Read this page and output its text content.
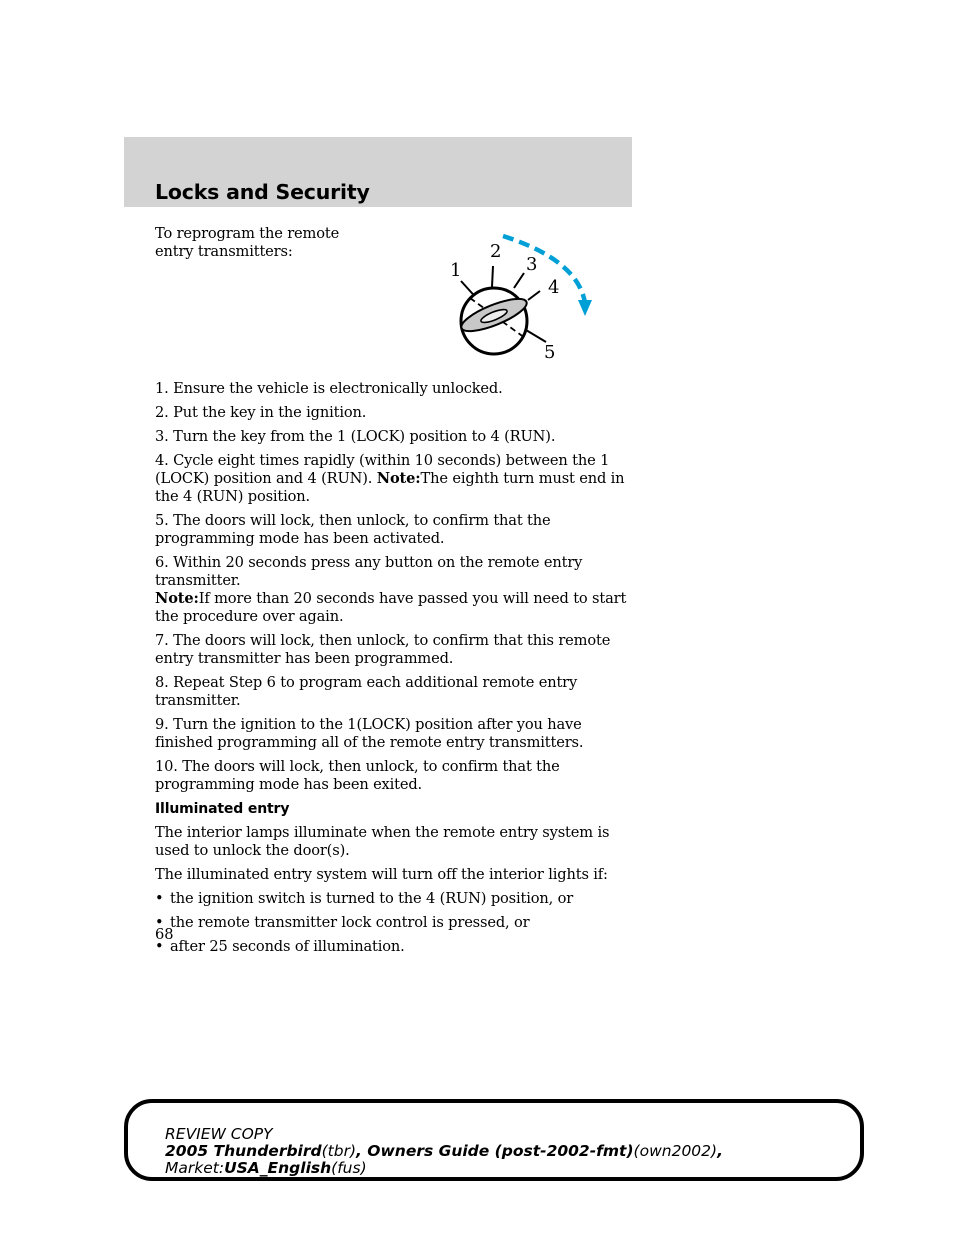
Locks and Security

To reprogram the remote entry transmitters:

1
2
3
4
5

1. Ensure the vehicle is electronically unlocked.

2. Put the key in the ignition.

3. Turn the key from the 1 (LOCK) position to 4 (RUN).

4. Cycle eight times rapidly (within 10 seconds) between the 1 (LOCK) position and 4 (RUN). Note:The eighth turn must end in the 4 (RUN) position.

5. The doors will lock, then unlock, to confirm that the programming mode has been activated.

6. Within 20 seconds press any button on the remote entry transmitter.
Note:If more than 20 seconds have passed you will need to start the procedure over again.

7. The doors will lock, then unlock, to confirm that this remote entry transmitter has been programmed.

8. Repeat Step 6 to program each additional remote entry transmitter.

9. Turn the ignition to the 1(LOCK) position after you have finished programming all of the remote entry transmitters.

10. The doors will lock, then unlock, to confirm that the programming mode has been exited.

Illuminated entry

The interior lamps illuminate when the remote entry system is used to unlock the door(s).

The illuminated entry system will turn off the interior lights if:

• the ignition switch is turned to the 4 (RUN) position, or
• the remote transmitter lock control is pressed, or
• after 25 seconds of illumination.
68
REVIEW COPY
2005 Thunderbird(tbr), Owners Guide (post-2002-fmt)(own2002),
Market:USA_English(fus)
